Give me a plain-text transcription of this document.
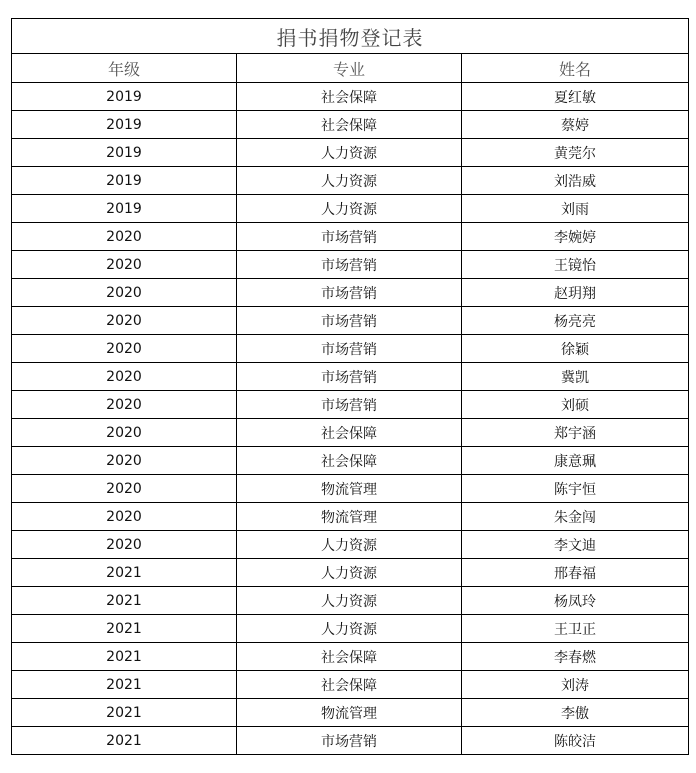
捐书捐物登记表		
年级	专业	姓名
2019	社会保障	夏红敏
2019	社会保障	蔡婷
2019	人力资源	黄莞尔
2019	人力资源	刘浩威
2019	人力资源	刘雨
2020	市场营销	李婉婷
2020	市场营销	王镜怡
2020	市场营销	赵玥翔
2020	市场营销	杨亮亮
2020	市场营销	徐颖
2020	市场营销	冀凯
2020	市场营销	刘硕
2020	社会保障	郑宇涵
2020	社会保障	康意珮
2020	物流管理	陈宇恒
2020	物流管理	朱金闯
2020	人力资源	李文迪
2021	人力资源	邢春福
2021	人力资源	杨凤玲
2021	人力资源	王卫正
2021	社会保障	李春燃
2021	社会保障	刘涛
2021	物流管理	李傲
2021	市场营销	陈皎洁
